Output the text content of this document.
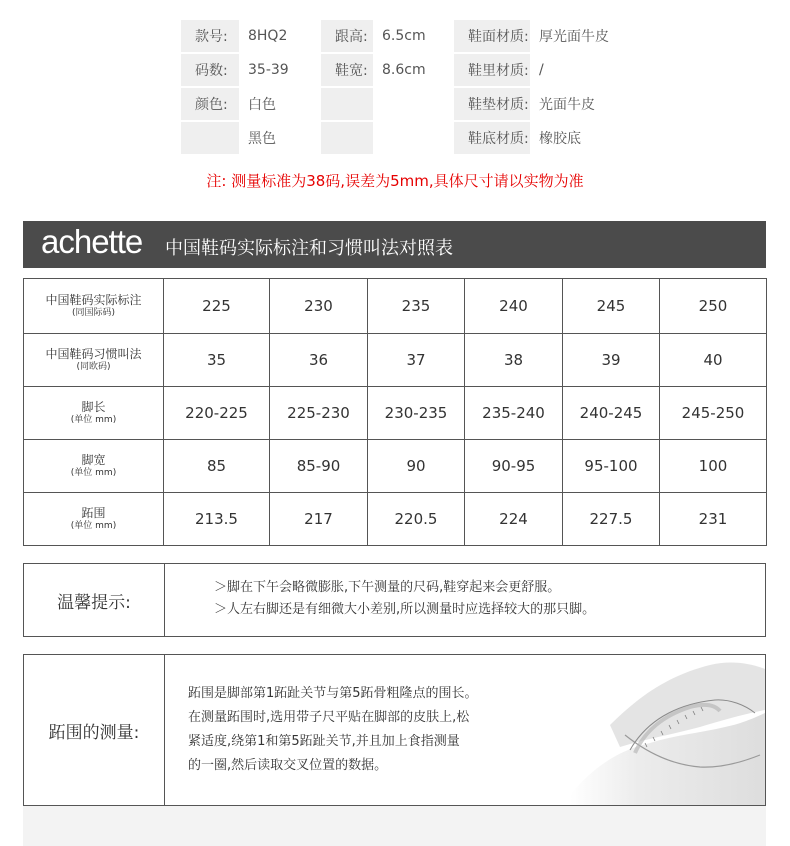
款号:	8HQ2	跟高:	6.5cm	鞋面材质: 厚光面牛皮
码数:	35-39	鞋宽:	8.6cm	鞋里材质: /
颜色:	白色	鞋垫材质: 光面牛皮
黑色	鞋底材质: 橡胶底
注: 测量标准为38码,误差为5mm,具体尺寸请以实物为准
achette 中国鞋码实际标注和习惯叫法对照表
中国鞋码实际标注
(同国际码)	225	230	235	240	245	250
中国鞋码习惯叫法
(同欧码)	35	36	37	38	39	40
脚长
(单位 mm)	220-225	225-230	230-235	235-240	240-245	245-250
脚宽
(单位 mm)	85	85-90	90	90-95	95-100	100
跖围
(单位 mm)	213.5	217	220.5	224	227.5	231
温馨提示:
＞脚在下午会略微膨胀,下午测量的尺码,鞋穿起来会更舒服。
＞人左右脚还是有细微大小差别,所以测量时应选择较大的那只脚。
跖围的测量:
跖围是脚部第1跖趾关节与第5跖骨粗隆点的围长。
在测量跖围时,选用带子尺平贴在脚部的皮肤上,松
紧适度,绕第1和第5跖趾关节,并且加上食指测量
的一圈,然后读取交叉位置的数据。
